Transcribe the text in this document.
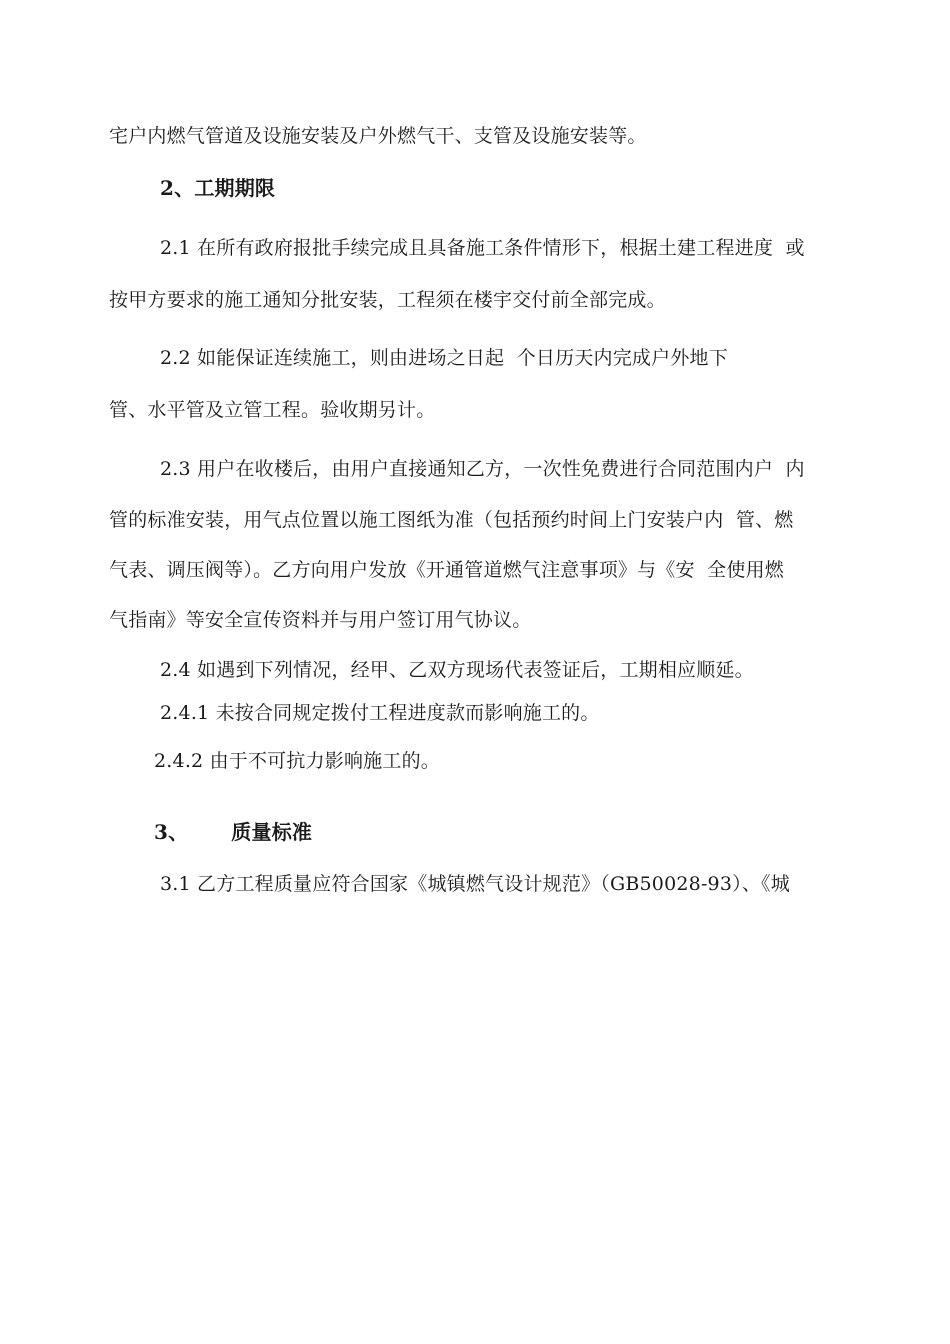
宅户内燃气管道及设施安装及户外燃气干、支管及设施安装等。
2、工期期限
2.1 在所有政府报批手续完成且具备施工条件情形下，根据土建工程进度  或
按甲方要求的施工通知分批安装，工程须在楼宇交付前全部完成。
2.2 如能保证连续施工，则由进场之日起  个日历天内完成户外地下
管、水平管及立管工程。验收期另计。
2.3 用户在收楼后，由用户直接通知乙方，一次性免费进行合同范围内户  内
管的标准安装，用气点位置以施工图纸为准（包括预约时间上门安装户内  管、燃
气表、调压阀等）。乙方向用户发放《开通管道燃气注意事项》与《安  全使用燃
气指南》等安全宣传资料并与用户签订用气协议。
2.4 如遇到下列情况，经甲、乙双方现场代表签证后，工期相应顺延。
2.4.1 未按合同规定拨付工程进度款而影响施工的。
2.4.2 由于不可抗力影响施工的。
3、      质量标准
3.1 乙方工程质量应符合国家《城镇燃气设计规范》（GB50028-93）、《城
